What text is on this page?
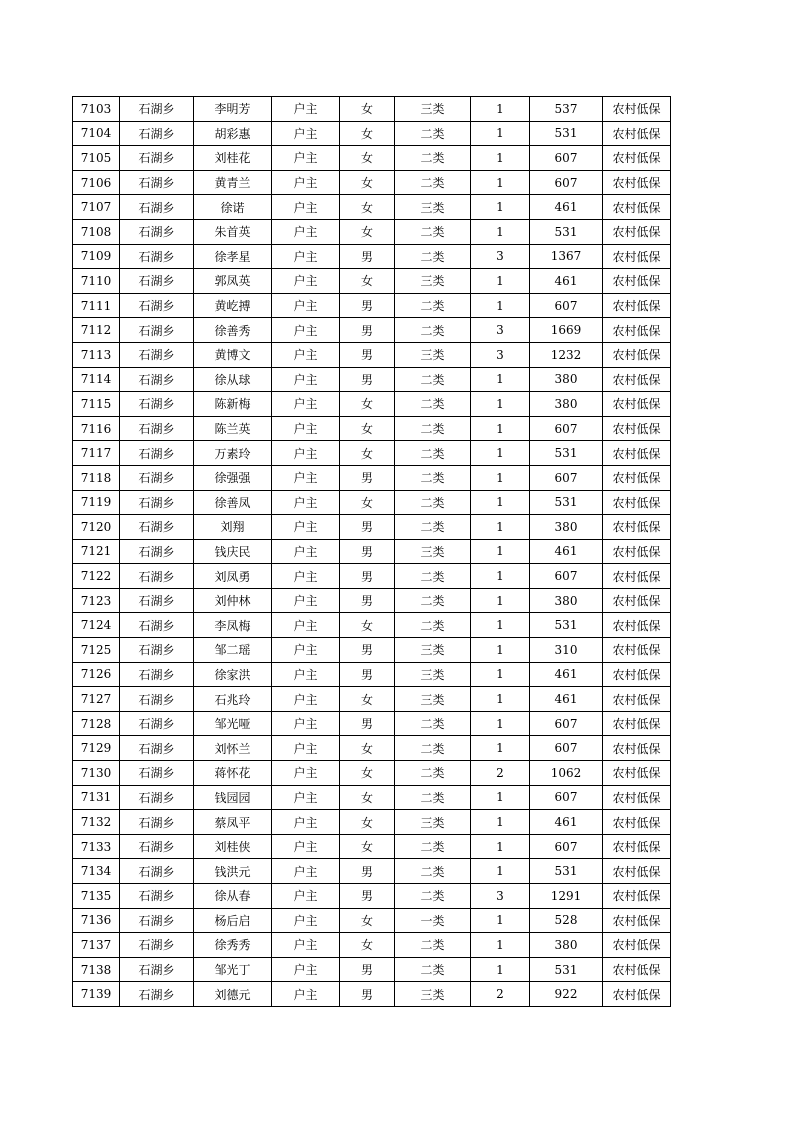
7103	石湖乡	李明芳	户主	女	三类	1	537	农村低保
7104	石湖乡	胡彩惠	户主	女	二类	1	531	农村低保
7105	石湖乡	刘桂花	户主	女	二类	1	607	农村低保
7106	石湖乡	黄青兰	户主	女	二类	1	607	农村低保
7107	石湖乡	徐诺	户主	女	三类	1	461	农村低保
7108	石湖乡	朱首英	户主	女	二类	1	531	农村低保
7109	石湖乡	徐孝星	户主	男	二类	3	1367	农村低保
7110	石湖乡	郭凤英	户主	女	三类	1	461	农村低保
7111	石湖乡	黄屹搏	户主	男	二类	1	607	农村低保
7112	石湖乡	徐善秀	户主	男	二类	3	1669	农村低保
7113	石湖乡	黄博文	户主	男	三类	3	1232	农村低保
7114	石湖乡	徐从球	户主	男	二类	1	380	农村低保
7115	石湖乡	陈新梅	户主	女	二类	1	380	农村低保
7116	石湖乡	陈兰英	户主	女	二类	1	607	农村低保
7117	石湖乡	万素玲	户主	女	二类	1	531	农村低保
7118	石湖乡	徐强强	户主	男	二类	1	607	农村低保
7119	石湖乡	徐善凤	户主	女	二类	1	531	农村低保
7120	石湖乡	刘翔	户主	男	二类	1	380	农村低保
7121	石湖乡	钱庆民	户主	男	三类	1	461	农村低保
7122	石湖乡	刘凤勇	户主	男	二类	1	607	农村低保
7123	石湖乡	刘仲林	户主	男	二类	1	380	农村低保
7124	石湖乡	李凤梅	户主	女	二类	1	531	农村低保
7125	石湖乡	邹二瑶	户主	男	三类	1	310	农村低保
7126	石湖乡	徐家洪	户主	男	三类	1	461	农村低保
7127	石湖乡	石兆玲	户主	女	三类	1	461	农村低保
7128	石湖乡	邹光哑	户主	男	二类	1	607	农村低保
7129	石湖乡	刘怀兰	户主	女	二类	1	607	农村低保
7130	石湖乡	蒋怀花	户主	女	二类	2	1062	农村低保
7131	石湖乡	钱园园	户主	女	二类	1	607	农村低保
7132	石湖乡	蔡凤平	户主	女	三类	1	461	农村低保
7133	石湖乡	刘桂侠	户主	女	二类	1	607	农村低保
7134	石湖乡	钱洪元	户主	男	二类	1	531	农村低保
7135	石湖乡	徐从春	户主	男	二类	3	1291	农村低保
7136	石湖乡	杨后启	户主	女	一类	1	528	农村低保
7137	石湖乡	徐秀秀	户主	女	二类	1	380	农村低保
7138	石湖乡	邹光丁	户主	男	二类	1	531	农村低保
7139	石湖乡	刘德元	户主	男	三类	2	922	农村低保
